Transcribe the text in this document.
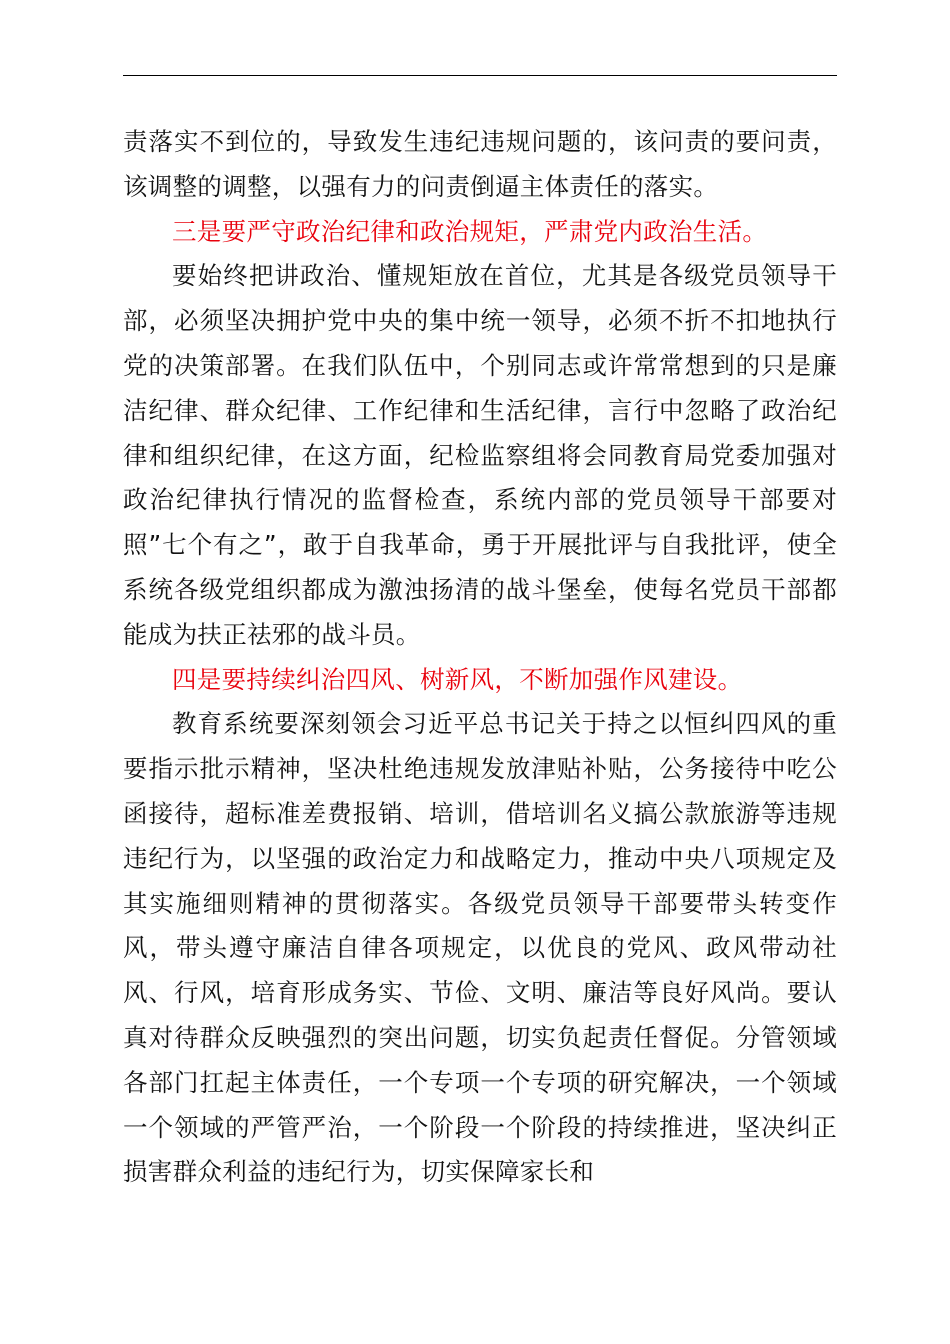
责落实不到位的，导致发生违纪违规问题的，该问责的要问责，该调整的调整，以强有力的问责倒逼主体责任的落实。

三是要严守政治纪律和政治规矩，严肃党内政治生活。

要始终把讲政治、懂规矩放在首位，尤其是各级党员领导干部，必须坚决拥护党中央的集中统一领导，必须不折不扣地执行党的决策部署。在我们队伍中，个别同志或许常常想到的只是廉洁纪律、群众纪律、工作纪律和生活纪律，言行中忽略了政治纪律和组织纪律，在这方面，纪检监察组将会同教育局党委加强对政治纪律执行情况的监督检查，系统内部的党员领导干部要对照”七个有之”，敢于自我革命，勇于开展批评与自我批评，使全系统各级党组织都成为激浊扬清的战斗堡垒，使每名党员干部都能成为扶正祛邪的战斗员。

四是要持续纠治四风、树新风，不断加强作风建设。

教育系统要深刻领会习近平总书记关于持之以恒纠四风的重要指示批示精神，坚决杜绝违规发放津贴补贴，公务接待中吃公函接待，超标准差费报销、培训，借培训名义搞公款旅游等违规违纪行为，以坚强的政治定力和战略定力，推动中央八项规定及其实施细则精神的贯彻落实。各级党员领导干部要带头转变作风，带头遵守廉洁自律各项规定，以优良的党风、政风带动社风、行风，培育形成务实、节俭、文明、廉洁等良好风尚。要认真对待群众反映强烈的突出问题，切实负起责任督促。分管领域各部门扛起主体责任，一个专项一个专项的研究解决，一个领域一个领域的严管严治，一个阶段一个阶段的持续推进，坚决纠正损害群众利益的违纪行为，切实保障家长和
